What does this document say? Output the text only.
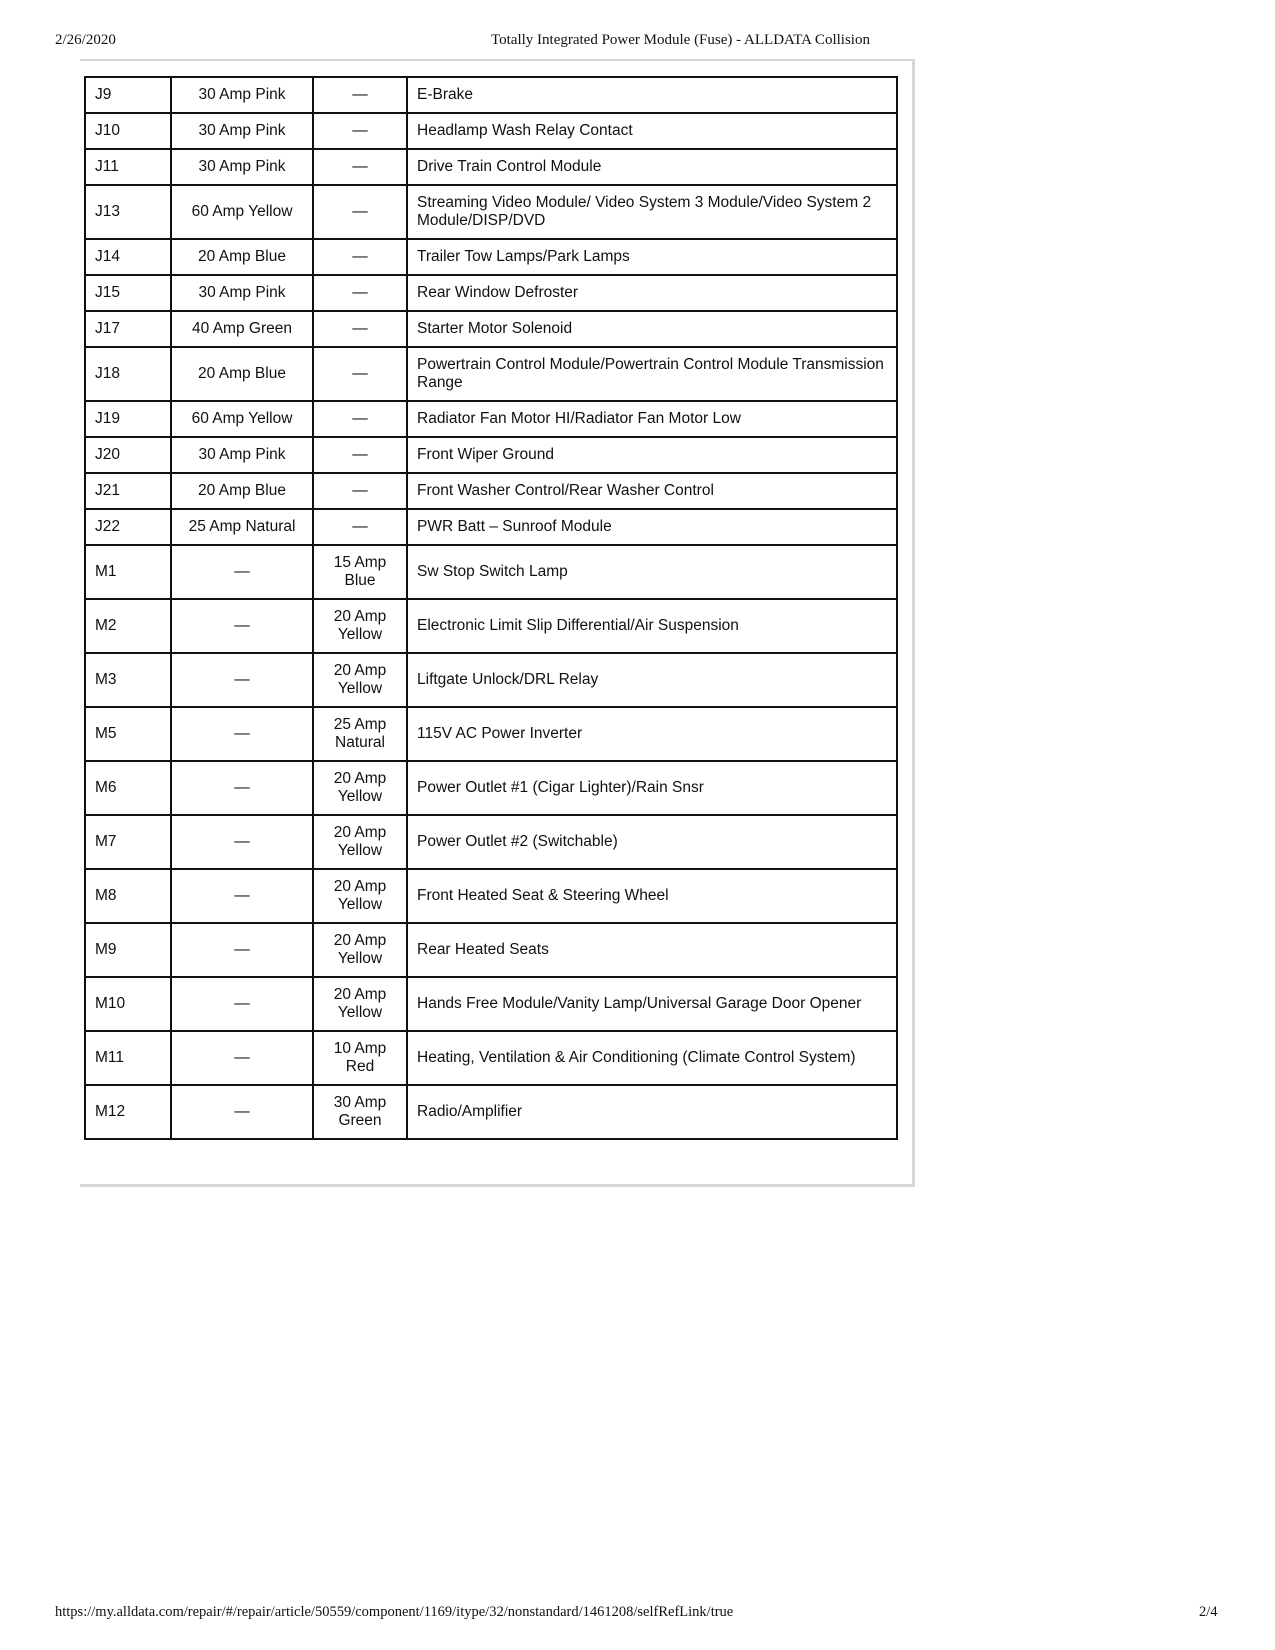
2/26/2020	Totally Integrated Power Module (Fuse) - ALLDATA Collision
J9	30 Amp Pink	—	E-Brake
J10	30 Amp Pink	—	Headlamp Wash Relay Contact
J11	30 Amp Pink	—	Drive Train Control Module
J13	60 Amp Yellow	—	Streaming Video Module/ Video System 3 Module/Video System 2 Module/DISP/DVD
J14	20 Amp Blue	—	Trailer Tow Lamps/Park Lamps
J15	30 Amp Pink	—	Rear Window Defroster
J17	40 Amp Green	—	Starter Motor Solenoid
J18	20 Amp Blue	—	Powertrain Control Module/Powertrain Control Module Transmission Range
J19	60 Amp Yellow	—	Radiator Fan Motor HI/Radiator Fan Motor Low
J20	30 Amp Pink	—	Front Wiper Ground
J21	20 Amp Blue	—	Front Washer Control/Rear Washer Control
J22	25 Amp Natural	—	PWR Batt – Sunroof Module
M1	—	15 Amp Blue	Sw Stop Switch Lamp
M2	—	20 Amp Yellow	Electronic Limit Slip Differential/Air Suspension
M3	—	20 Amp Yellow	Liftgate Unlock/DRL Relay
M5	—	25 Amp Natural	115V AC Power Inverter
M6	—	20 Amp Yellow	Power Outlet #1 (Cigar Lighter)/Rain Snsr
M7	—	20 Amp Yellow	Power Outlet #2 (Switchable)
M8	—	20 Amp Yellow	Front Heated Seat & Steering Wheel
M9	—	20 Amp Yellow	Rear Heated Seats
M10	—	20 Amp Yellow	Hands Free Module/Vanity Lamp/Universal Garage Door Opener
M11	—	10 Amp Red	Heating, Ventilation & Air Conditioning (Climate Control System)
M12	—	30 Amp Green	Radio/Amplifier
https://my.alldata.com/repair/#/repair/article/50559/component/1169/itype/32/nonstandard/1461208/selfRefLink/true	2/4
